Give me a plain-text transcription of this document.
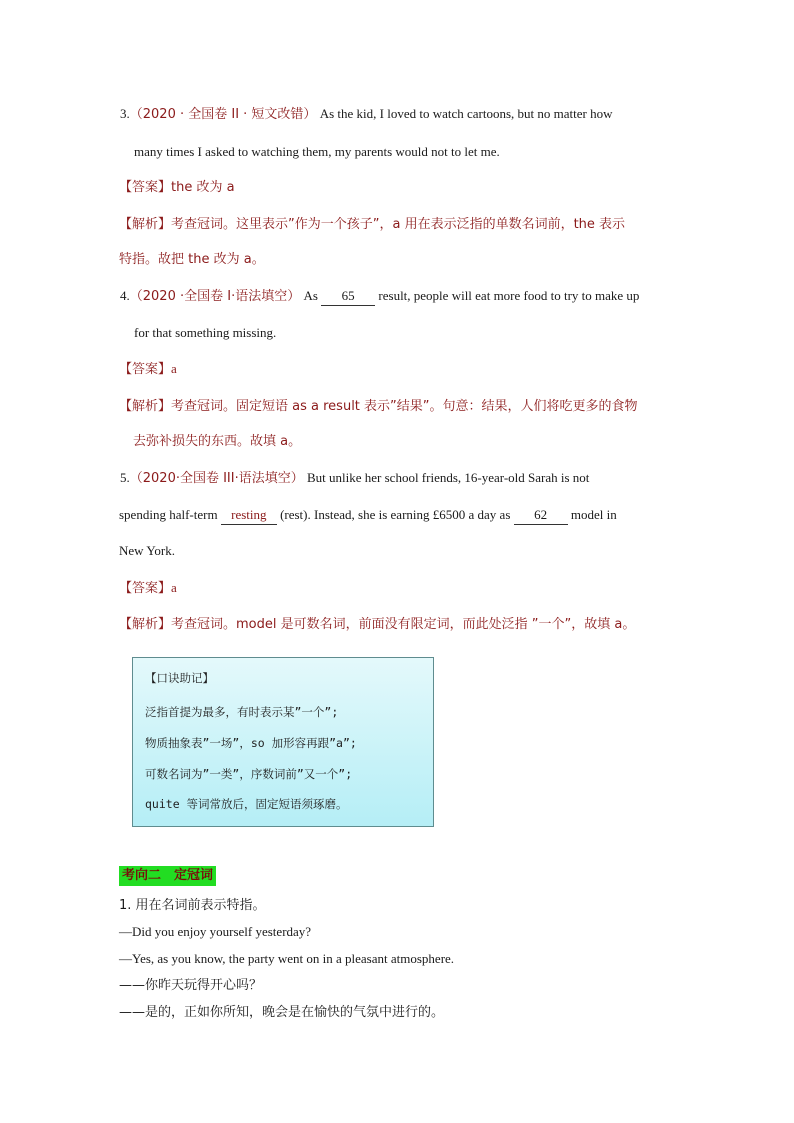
3.（2020 · 全国卷 II · 短文改错） As the kid, I loved to watch cartoons, but no matter how
many times I asked to watching them, my parents would not to let me.
【答案】the 改为 a
【解析】考查冠词。这里表示”作为一个孩子”，a 用在表示泛指的单数名词前，the 表示
特指。故把 the 改为 a。
4.（2020 ·全国卷 I·语法填空） As 65 result, people will eat more food to try to make up
for that something missing.
【答案】a
【解析】考查冠词。固定短语 as a result 表示”结果”。句意：结果，人们将吃更多的食物
去弥补损失的东西。故填 a。
5.（2020·全国卷 III·语法填空） But unlike her school friends, 16-year-old Sarah is not
spending half-term resting (rest). Instead, she is earning £6500 a day as 62 model in
New York.
【答案】a
【解析】考查冠词。model 是可数名词，前面没有限定词，而此处泛指 ”一个”，故填 a。
【口诀助记】
泛指首提为最多，有时表示某”一个”;
物质抽象表”一场”，so 加形容再跟”a”;
可数名词为”一类”，序数词前”又一个”;
quite 等词常放后，固定短语须琢磨。
考向二　定冠词
1. 用在名词前表示特指。
—Did you enjoy yourself yesterday?
—Yes, as you know, the party went on in a pleasant atmosphere.
——你昨天玩得开心吗？
——是的，正如你所知，晚会是在愉快的气氛中进行的。
